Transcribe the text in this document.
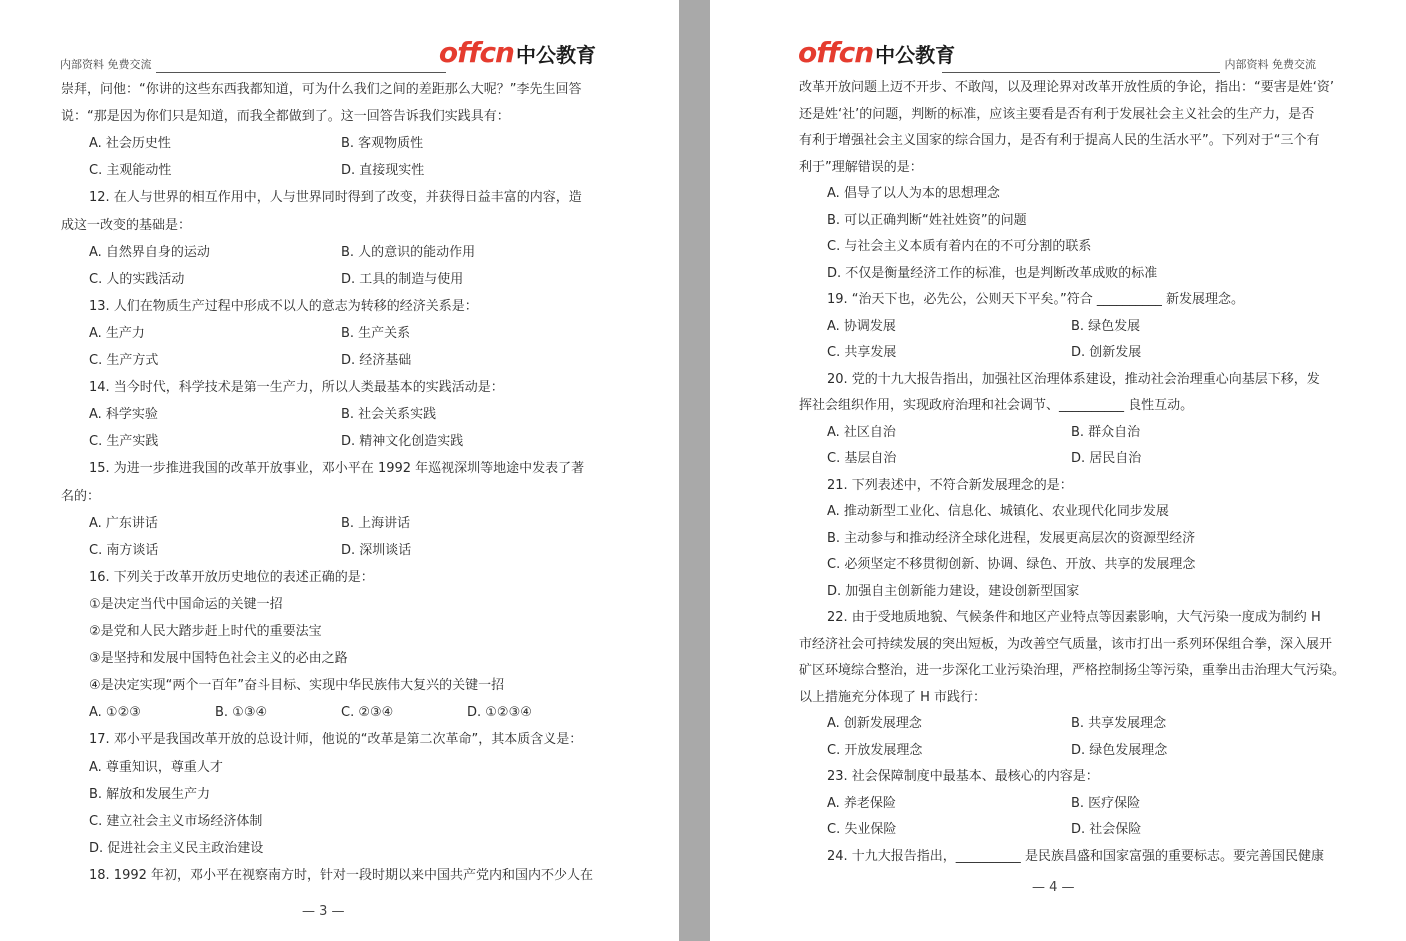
内部资料 免费交流	offcn 中公教育
崇拜，问他：“你讲的这些东西我都知道，可为什么我们之间的差距那么大呢？”李先生回答
说：“那是因为你们只是知道，而我全都做到了。这一回答告诉我们实践具有：
A. 社会历史性	B. 客观物质性
C. 主观能动性	D. 直接现实性
12. 在人与世界的相互作用中，人与世界同时得到了改变，并获得日益丰富的内容，造
成这一改变的基础是：
A. 自然界自身的运动	B. 人的意识的能动作用
C. 人的实践活动	D. 工具的制造与使用
13. 人们在物质生产过程中形成不以人的意志为转移的经济关系是：
A. 生产力	B. 生产关系
C. 生产方式	D. 经济基础
14. 当今时代，科学技术是第一生产力，所以人类最基本的实践活动是：
A. 科学实验	B. 社会关系实践
C. 生产实践	D. 精神文化创造实践
15. 为进一步推进我国的改革开放事业，邓小平在 1992 年巡视深圳等地途中发表了著
名的：
A. 广东讲话	B. 上海讲话
C. 南方谈话	D. 深圳谈话
16. 下列关于改革开放历史地位的表述正确的是：
①是决定当代中国命运的关键一招
②是党和人民大踏步赶上时代的重要法宝
③是坚持和发展中国特色社会主义的必由之路
④是决定实现“两个一百年”奋斗目标、实现中华民族伟大复兴的关键一招
A. ①②③	B. ①③④	C. ②③④	D. ①②③④
17. 邓小平是我国改革开放的总设计师，他说的“改革是第二次革命”，其本质含义是：
A. 尊重知识，尊重人才
B. 解放和发展生产力
C. 建立社会主义市场经济体制
D. 促进社会主义民主政治建设
18. 1992 年初，邓小平在视察南方时，针对一段时期以来中国共产党内和国内不少人在
— 3 —
offcn 中公教育	内部资料 免费交流
改革开放问题上迈不开步、不敢闯，以及理论界对改革开放性质的争论，指出：“要害是姓‘资’
还是姓‘社’的问题，判断的标准，应该主要看是否有利于发展社会主义社会的生产力，是否
有利于增强社会主义国家的综合国力，是否有利于提高人民的生活水平”。下列对于“三个有
利于”理解错误的是：
A. 倡导了以人为本的思想理念
B. 可以正确判断“姓社姓资”的问题
C. 与社会主义本质有着内在的不可分割的联系
D. 不仅是衡量经济工作的标准，也是判断改革成败的标准
19. “治天下也，必先公，公则天下平矣。”符合 __________ 新发展理念。
A. 协调发展	B. 绿色发展
C. 共享发展	D. 创新发展
20. 党的十九大报告指出，加强社区治理体系建设，推动社会治理重心向基层下移，发
挥社会组织作用，实现政府治理和社会调节、__________ 良性互动。
A. 社区自治	B. 群众自治
C. 基层自治	D. 居民自治
21. 下列表述中，不符合新发展理念的是：
A. 推动新型工业化、信息化、城镇化、农业现代化同步发展
B. 主动参与和推动经济全球化进程，发展更高层次的资源型经济
C. 必须坚定不移贯彻创新、协调、绿色、开放、共享的发展理念
D. 加强自主创新能力建设，建设创新型国家
22. 由于受地质地貌、气候条件和地区产业特点等因素影响，大气污染一度成为制约 H
市经济社会可持续发展的突出短板，为改善空气质量，该市打出一系列环保组合拳，深入展开
矿区环境综合整治，进一步深化工业污染治理，严格控制扬尘等污染，重拳出击治理大气污染。
以上措施充分体现了 H 市践行：
A. 创新发展理念	B. 共享发展理念
C. 开放发展理念	D. 绿色发展理念
23. 社会保障制度中最基本、最核心的内容是：
A. 养老保险	B. 医疗保险
C. 失业保险	D. 社会保险
24. 十九大报告指出，__________ 是民族昌盛和国家富强的重要标志。要完善国民健康
— 4 —
